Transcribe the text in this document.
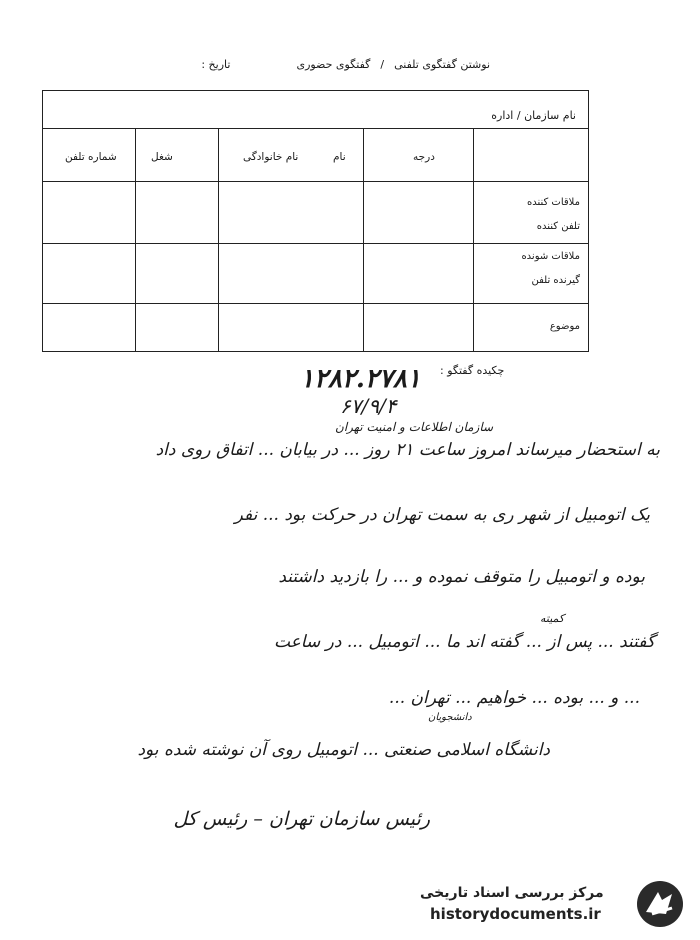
نوشتن گفتگوی تلفنی
/
گفتگوی حضوری
تاریخ :
نام سازمان / اداره
درجه
نام
نام خانوادگی
شغل
شماره تلفن
ملاقات کننده
تلفن کننده
ملاقات شونده
گیرنده تلفن
موضوع
چکیده گفتگو :
۱۲۸۲.۲۷۸۱
۶۷/۹/۴
سازمان اطلاعات و امنیت تهران
به استحضار میرساند امروز ساعت ۲۱ روز ... در بیابان ... اتفاق روی داد
یک اتومبیل از شهر ری به سمت تهران در حرکت بود ... نفر
بوده و اتومبیل را متوقف نموده و ... را بازدید داشتند
کمیته
گفتند ... پس از ... گفته اند ما ... اتومبیل ... در ساعت
... و ... بوده ... خواهیم ... تهران ...
دانشجویان
دانشگاه اسلامی صنعتی ... اتومبیل روی آن نوشته شده بود
رئیس سازمان تهران – رئیس کل
مرکز بررسی اسناد تاریخی
historydocuments.ir
